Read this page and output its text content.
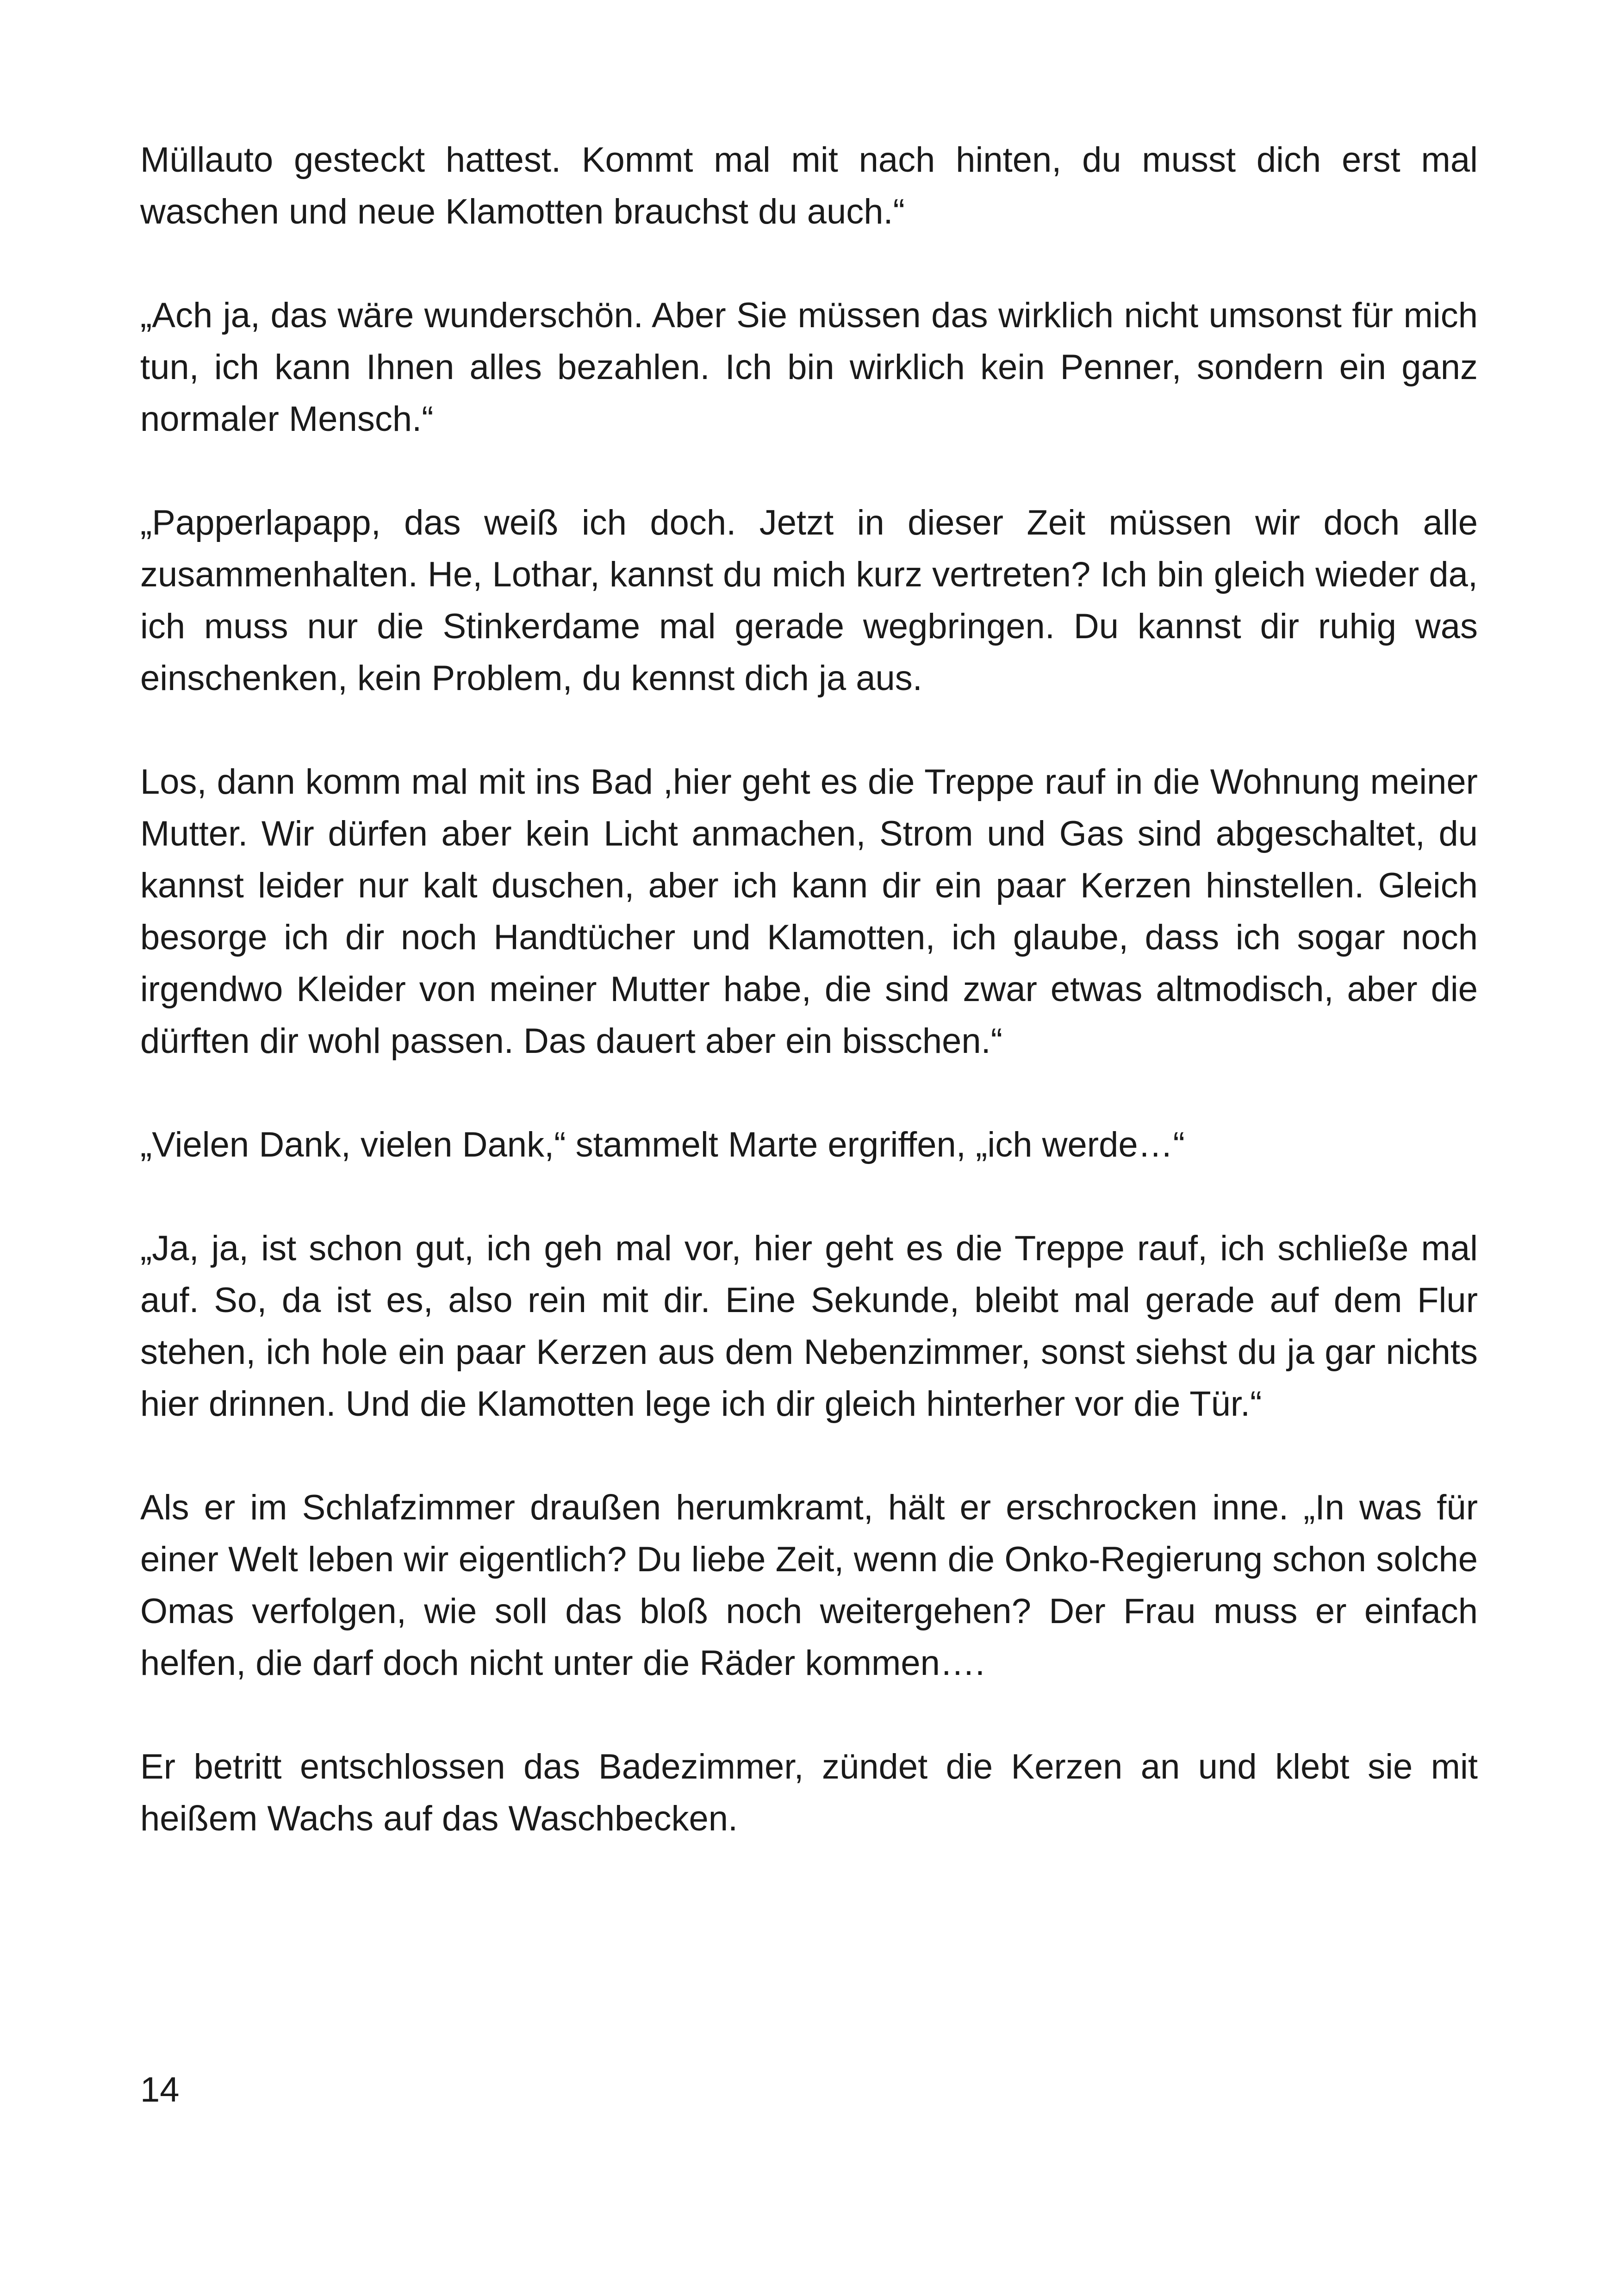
Müllauto gesteckt hattest. Kommt mal mit nach hinten, du musst dich erst mal waschen und neue Klamotten brauchst du auch.“

„Ach ja, das wäre wunderschön. Aber Sie müssen das wirklich nicht umsonst für mich tun, ich kann Ihnen alles bezahlen. Ich bin wirklich kein Penner, sondern ein ganz normaler Mensch.“

„Papperlapapp, das weiß ich doch. Jetzt in dieser Zeit müssen wir doch alle zusammenhalten. He, Lothar, kannst du mich kurz vertreten? Ich bin gleich wieder da, ich muss nur die Stinkerdame mal gerade wegbringen. Du kannst dir ruhig was einschenken, kein Problem, du kennst dich ja aus.

Los, dann komm mal mit ins Bad ,hier geht es die Treppe rauf in die Wohnung meiner Mutter. Wir dürfen aber kein Licht anmachen, Strom und Gas sind abgeschaltet, du kannst leider nur kalt duschen, aber ich kann dir ein paar Kerzen hinstellen. Gleich besorge ich dir noch Handtücher und Klamotten, ich glaube, dass ich sogar noch irgendwo Kleider von meiner Mutter habe, die sind zwar etwas altmodisch, aber die dürften dir wohl passen. Das dauert aber ein bisschen.“

„Vielen Dank, vielen Dank,“ stammelt Marte ergriffen, „ich werde…“

„Ja, ja, ist schon gut, ich geh mal vor, hier geht es die Treppe rauf, ich schließe mal auf. So, da ist es, also rein mit dir. Eine Sekunde, bleibt mal gerade auf dem Flur stehen, ich hole ein paar Kerzen aus dem Nebenzimmer, sonst siehst du ja gar nichts hier drinnen. Und die Klamotten lege ich dir gleich hinterher vor die Tür.“

Als er im Schlafzimmer draußen herumkramt, hält er erschrocken inne. „In was für einer Welt leben wir eigentlich? Du liebe Zeit, wenn die Onko-Regierung schon solche Omas verfolgen, wie soll das bloß noch weitergehen? Der Frau muss er einfach helfen, die darf doch nicht unter die Räder kommen….

Er betritt entschlossen das Badezimmer, zündet die Kerzen an und klebt sie mit heißem Wachs auf das Waschbecken.

14
